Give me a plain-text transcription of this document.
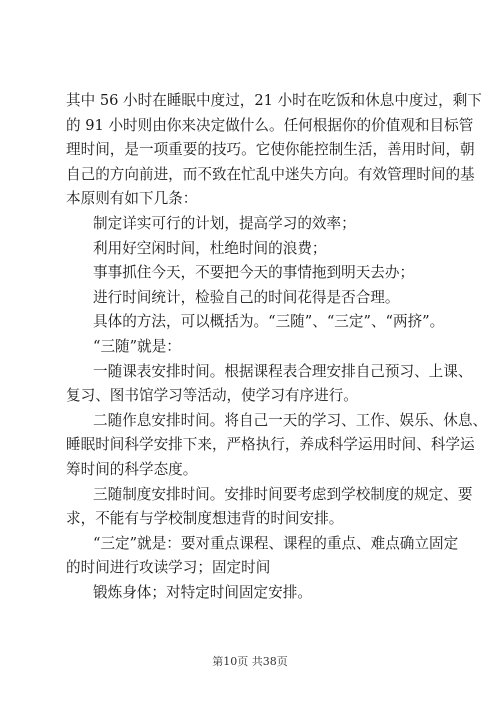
其中 56 小时在睡眠中度过，21 小时在吃饭和休息中度过，剩下
的 91 小时则由你来决定做什么。任何根据你的价值观和目标管
理时间，是一项重要的技巧。它使你能控制生活，善用时间，朝
自己的方向前进，而不致在忙乱中迷失方向。有效管理时间的基
本原则有如下几条：
制定详实可行的计划，提高学习的效率；
利用好空闲时间，杜绝时间的浪费；
事事抓住今天，不要把今天的事情拖到明天去办；
进行时间统计，检验自己的时间花得是否合理。
具体的方法，可以概括为。“三随”、“三定”、“两挤”。
“三随”就是：
一随课表安排时间。根据课程表合理安排自己预习、上课、
复习、图书馆学习等活动，使学习有序进行。
二随作息安排时间。将自己一天的学习、工作、娱乐、休息、
睡眠时间科学安排下来，严格执行，养成科学运用时间、科学运
筹时间的科学态度。
三随制度安排时间。安排时间要考虑到学校制度的规定、要
求，不能有与学校制度想违背的时间安排。
“三定”就是：要对重点课程、课程的重点、难点确立固定
的时间进行攻读学习；固定时间
锻炼身体；对特定时间固定安排。
第10页 共38页
